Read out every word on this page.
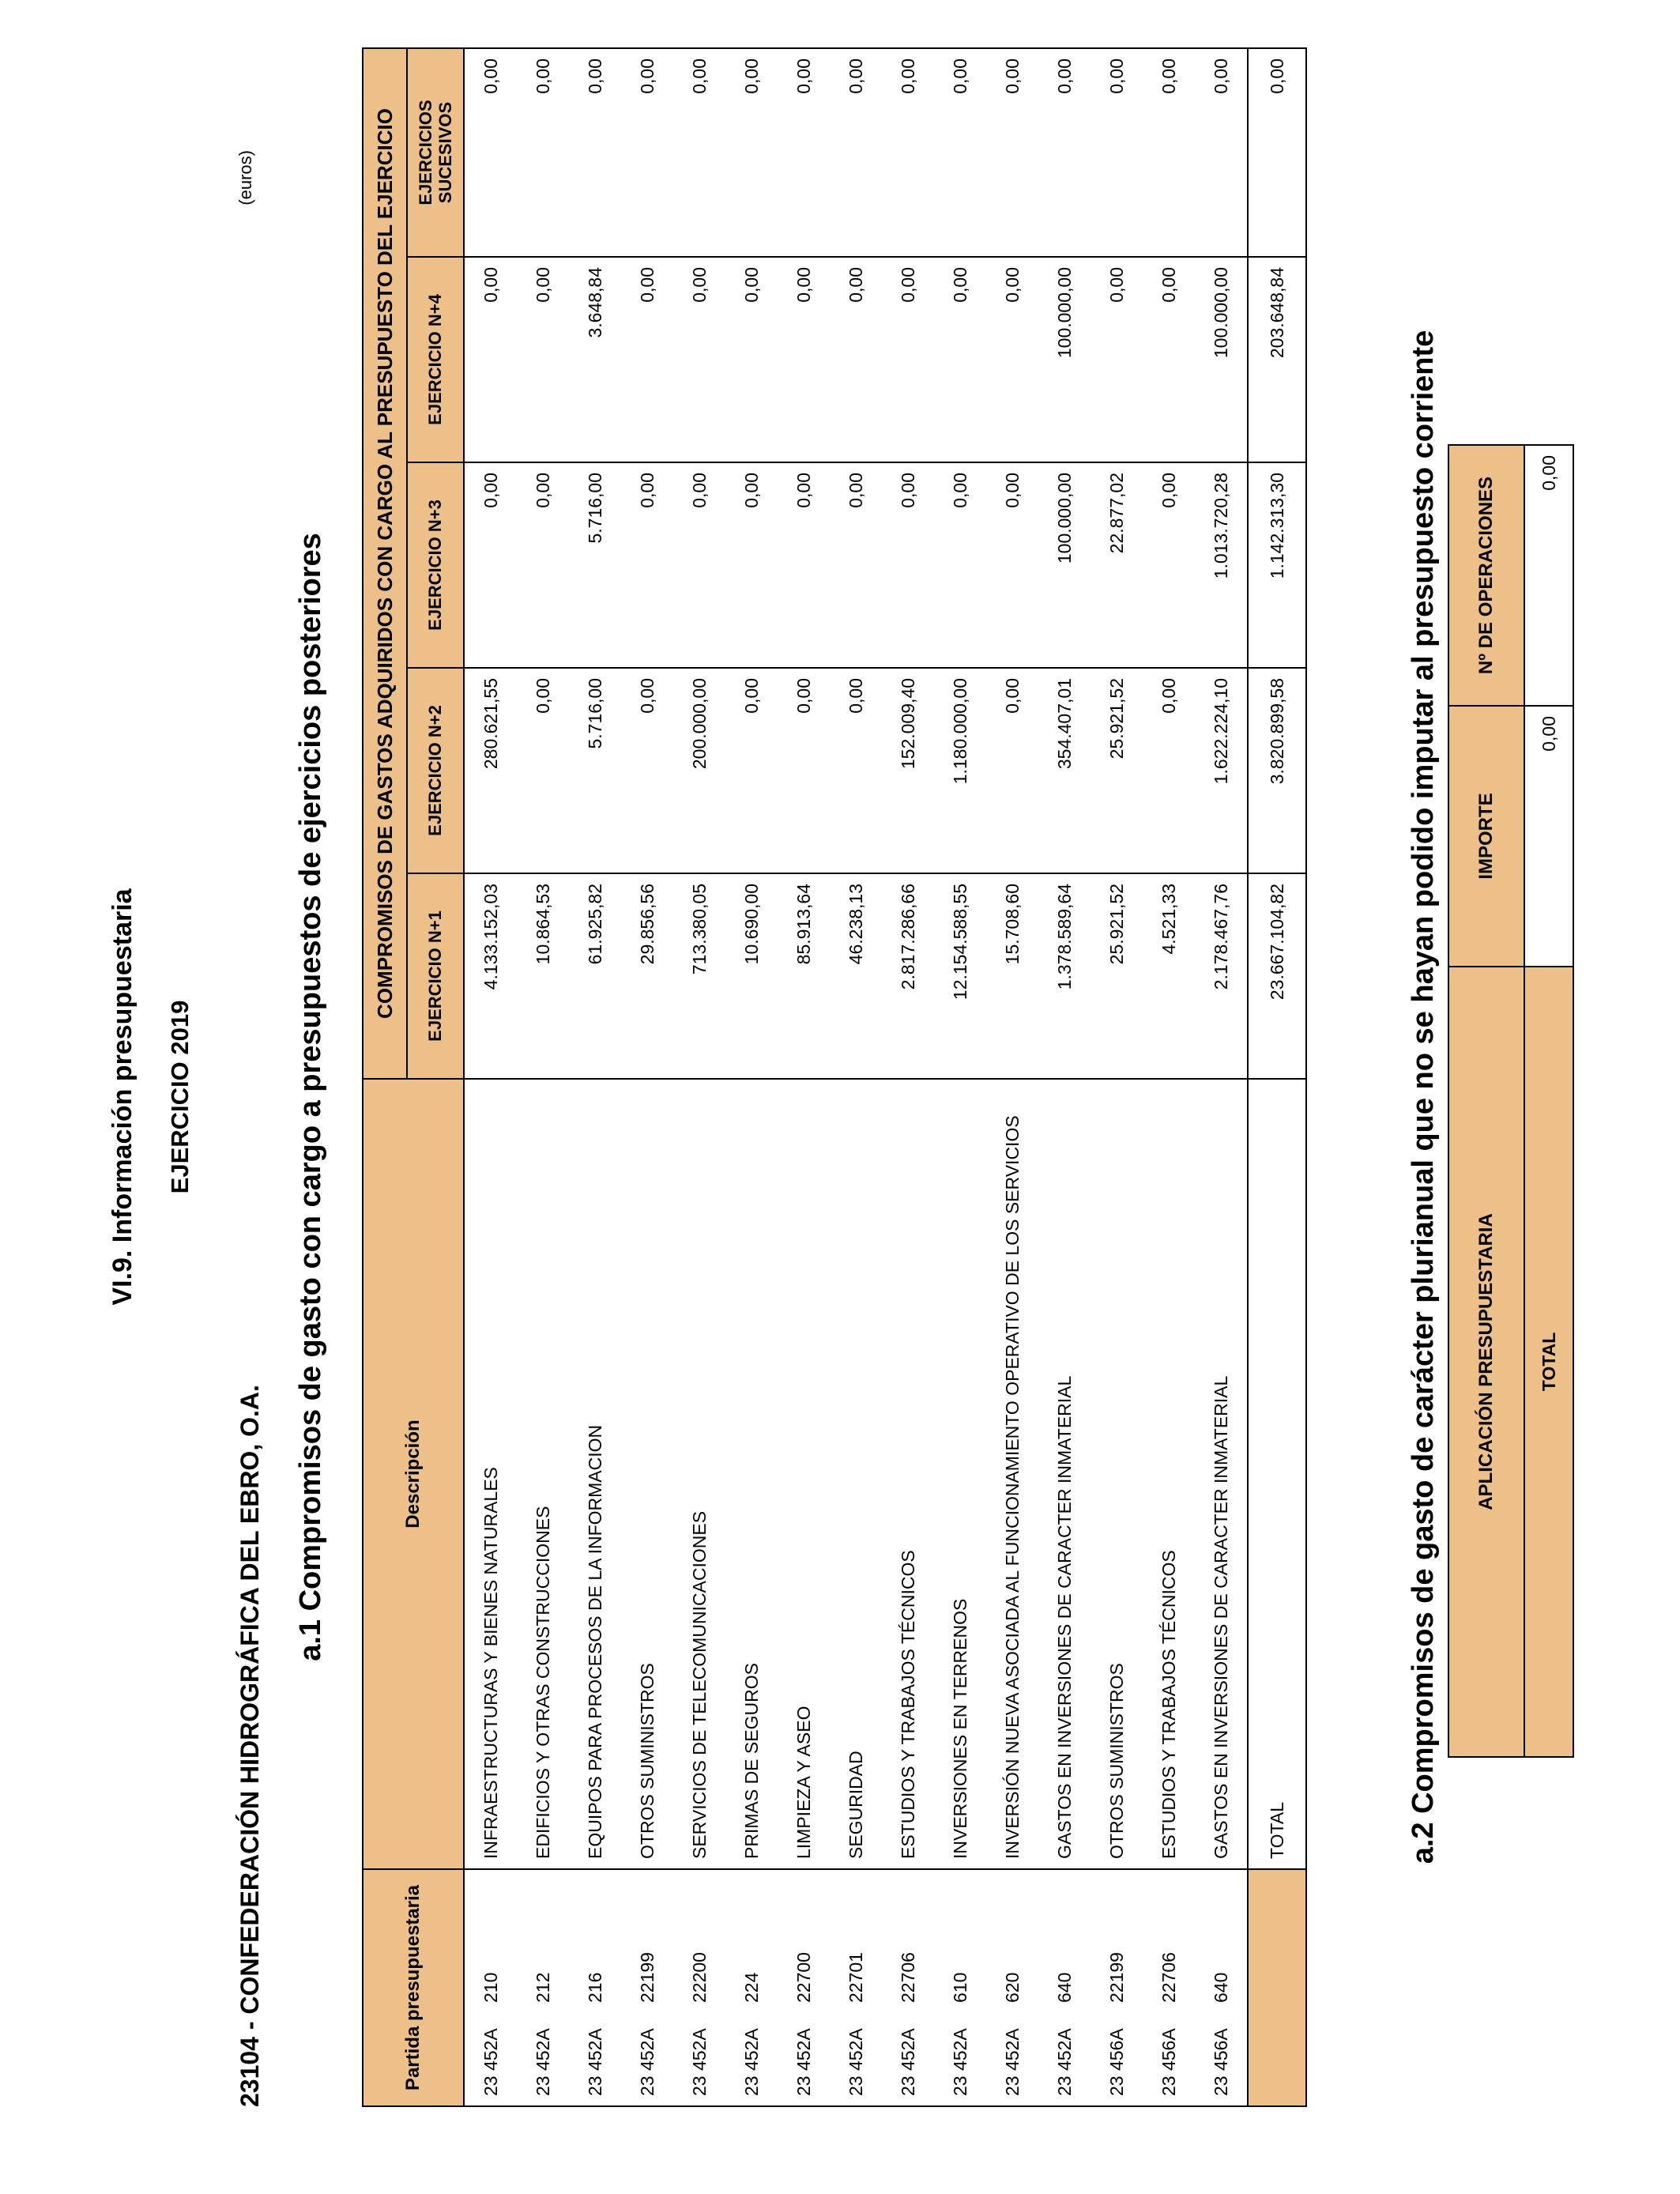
VI.9. Información presupuestaria EJERCICIO 2019
23104 - CONFEDERACIÓN HIDROGRÁFICA DEL EBRO, O.A.
(euros)
a.1 Compromisos de gasto con cargo a presupuestos de ejercicios posteriores
Partida presupuestaria	Descripción	COMPROMISOS DE GASTOS ADQUIRIDOS CON CARGO AL PRESUPUESTO DEL EJERCICIO				
		EJERCICIO N+1	EJERCICIO N+2	EJERCICIO N+3	EJERCICIO N+4	EJERCICIOS SUCESIVOS
23 452A210	INFRAESTRUCTURAS Y BIENES NATURALES	4.133.152,03	280.621,55	0,00	0,00	0,00
23 452A212	EDIFICIOS Y OTRAS CONSTRUCCIONES	10.864,53	0,00	0,00	0,00	0,00
23 452A216	EQUIPOS PARA PROCESOS DE LA INFORMACION	61.925,82	5.716,00	5.716,00	3.648,84	0,00
23 452A22199	OTROS SUMINISTROS	29.856,56	0,00	0,00	0,00	0,00
23 452A22200	SERVICIOS DE TELECOMUNICACIONES	713.380,05	200.000,00	0,00	0,00	0,00
23 452A224	PRIMAS DE SEGUROS	10.690,00	0,00	0,00	0,00	0,00
23 452A22700	LIMPIEZA Y ASEO	85.913,64	0,00	0,00	0,00	0,00
23 452A22701	SEGURIDAD	46.238,13	0,00	0,00	0,00	0,00
23 452A22706	ESTUDIOS Y TRABAJOS TÉCNICOS	2.817.286,66	152.009,40	0,00	0,00	0,00
23 452A610	INVERSIONES EN TERRENOS	12.154.588,55	1.180.000,00	0,00	0,00	0,00
23 452A620	INVERSIÓN NUEVA ASOCIADA AL FUNCIONAMIENTO OPERATIVO DE LOS SERVICIOS	15.708,60	0,00	0,00	0,00	0,00
23 452A640	GASTOS EN INVERSIONES DE CARACTER INMATERIAL	1.378.589,64	354.407,01	100.000,00	100.000,00	0,00
23 456A22199	OTROS SUMINISTROS	25.921,52	25.921,52	22.877,02	0,00	0,00
23 456A22706	ESTUDIOS Y TRABAJOS TÉCNICOS	4.521,33	0,00	0,00	0,00	0,00
23 456A640	GASTOS EN INVERSIONES DE CARACTER INMATERIAL	2.178.467,76	1.622.224,10	1.013.720,28	100.000,00	0,00
	TOTAL	23.667.104,82	3.820.899,58	1.142.313,30	203.648,84	0,00
a.2 Compromisos de gasto de carácter plurianual que no se hayan podido imputar al presupuesto corriente APLICACIÓN PRESUPUESTARIA	IMPORTE	Nº DE OPERACIONES
TOTAL	0,00	0,00
